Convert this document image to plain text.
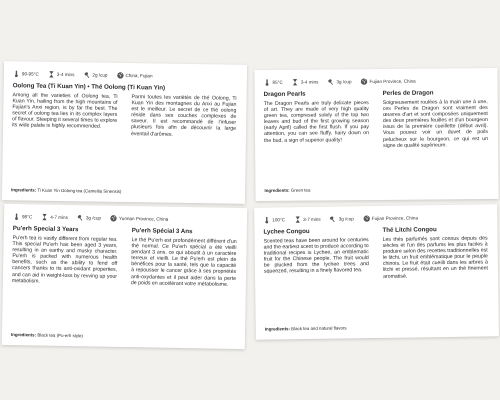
90-95°C	3-4 mins	2g /cup	China, Fujian
Oolong Tea (Ti Kuan Yin) • Thé Oolong (Ti Kuan Yin)
Among all the varieties of Oolong tea, Ti Kuan Yin, hailing from the high mountains of Fujian's Anxi region, is by far the best. The secret of oolong tea lies in its complex layers of flavour. Steeping it several times to explore its wide palate is highly recommended.
Parmi toutes les variétés de thé Oolong, Ti Kuan Yin des montagnes du Anxi au Fujian est le meilleur. Le secret de ce thé oolong réside dans ses couches complexes de saveur. Il est recommandé de l'infuser plusieurs fois afin de découvrir la large éventail d'arômes.
Ingredients: Ti Kuan Yin Oolong tea (Camellia Sinensis)
85°C	3-4 mins	3g /cup	Fujian Province, China
Dragon Pearls
The Dragon Pearls are truly delicate pieces of art. They are made of very high quality green tea, compresed solely of the top two leaves and bud of the first growing season (early April) called the first flush. If you pay attention, you can see fluffy, hairy down on the bud, a sign of superior quality!
Perles de Dragon
Soigneusement roulées à la main une à une, ces Perles de Dragon sont vraiment des œuvres d'art et sont composées uniquement des deux premières feuilles et d'un bourgeon issus de la première cueillette (début avril). Vous pouvez voir un duvet de poils pelucheux sur le bourgeon, ce qui est un signe de qualité supérieure.
Ingredients: Green tea
98°C	4-7 mins	3g /cup	Yunnan Province, China
Pu'erh Special 3 Years
Pu'erh tea is vastly different from regular tea. This special Pu'erh has been aged 3 years, resulting in an earthy and musky character. Pu'erh is packed with numerous health benefits, such as the ability to fend off cancers thanks to its anti-oxidant properties, and can aid in weight-loss by revving up your metabolism.
Pu'erh Spécial 3 Ans
Le thé Pu'erh est profondément différent d'un thé normal. Ce Pu'erh spécial a été vieilli pendant 3 ans, ce qui aboutit à un caractère terreux et vieilli. Le thé Pu'erh est plein de bénéfices pour la santé, tels que la capacité à repousser le cancer grâce à ses propriétés anti-oxydantes et il peut aider dans la perte de poids en accélérant votre métabolisme.
Ingredients: Black tea (Pu-erh style)
100°C	3-7 mins	3g /cup	Fujian Province, China
Lychee Congou
Scented teas have been around for centuries and the earliest scent to produce according to traditional recipes is Lychee, an emblematic fruit for the Chinese people. The fruit would be plucked from the lychee trees and squeezed, resulting in a finely flavored tea.
Thé Litchi Congou
Les thés parfumés sont connus depuis des siècles et l'un des parfums les plus faciles à produire selon des recettes traditionnelles est le litchi, un fruit emblématique pour le peuple chinois. Le fruit était cueilli dans les arbres à litchi et pressé, résultant en un thé finement aromatisé.
Ingredients: Black tea and natural flavors
